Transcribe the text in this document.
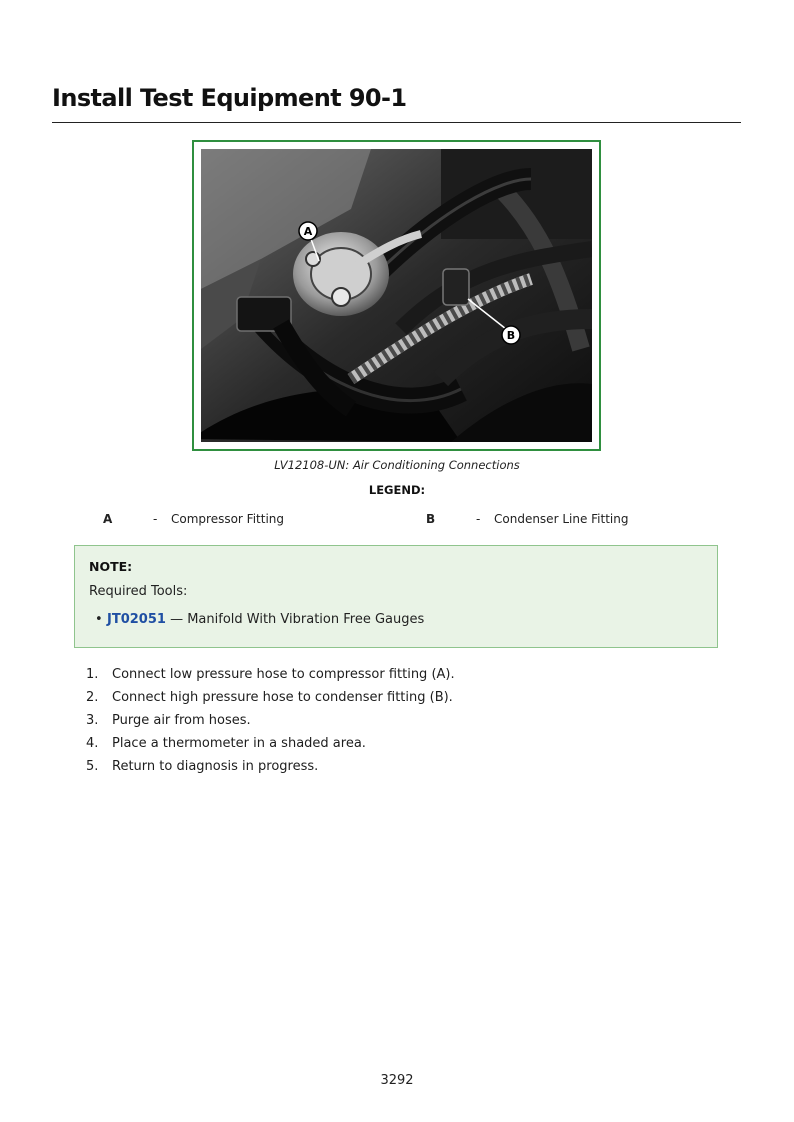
Install Test Equipment 90-1
A
B
LV12108-UN: Air Conditioning Connections
LEGEND:
A	- Compressor Fitting	B	- Condenser Line Fitting
NOTE:
Required Tools:
• JT02051 — Manifold With Vibration Free Gauges
1. Connect low pressure hose to compressor fitting (A).
2. Connect high pressure hose to condenser fitting (B).
3. Purge air from hoses.
4. Place a thermometer in a shaded area.
5. Return to diagnosis in progress.
3292
